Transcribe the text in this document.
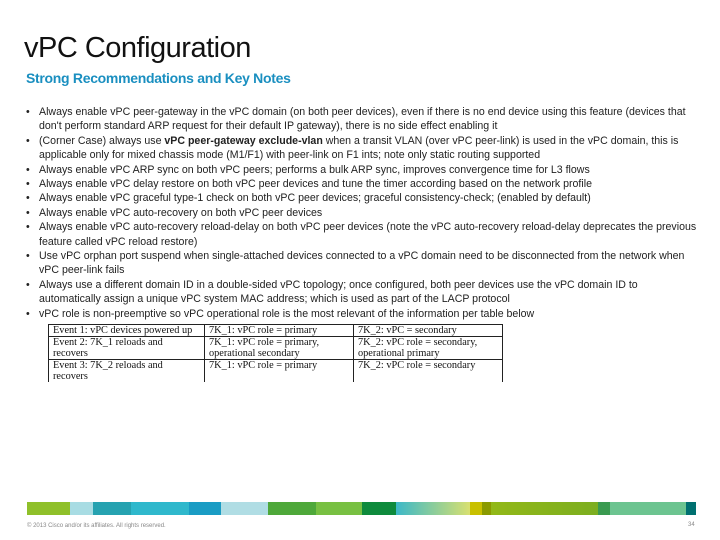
vPC Configuration
Strong Recommendations and Key Notes
• Always enable vPC peer-gateway in the vPC domain (on both peer devices), even if there is no end device using this feature (devices that don't perform standard ARP request for their default IP gateway), there is no side effect enabling it
• (Corner Case) always use vPC peer-gateway exclude-vlan when a transit VLAN (over vPC peer-link) is used in the vPC domain, this is applicable only for mixed chassis mode (M1/F1) with peer-link on F1 ints; note only static routing supported
• Always enable vPC ARP sync on both vPC peers; performs a bulk ARP sync, improves convergence time for L3 flows
• Always enable vPC delay restore on both vPC peer devices and tune the timer according based on the network profile
• Always enable vPC graceful type-1 check on both vPC peer devices; graceful consistency-check; (enabled by default)
• Always enable vPC auto-recovery on both vPC peer devices
• Always enable vPC auto-recovery reload-delay on both vPC peer devices (note the vPC auto-recovery reload-delay deprecates the previous feature called vPC reload restore)
• Use vPC orphan port suspend when single-attached devices connected to a vPC domain need to be disconnected from the network when vPC peer-link fails
• Always use a different domain ID in a double-sided vPC topology; once configured, both peer devices use the vPC domain ID to automatically assign a unique vPC system MAC address; which is used as part of the LACP protocol
• vPC role is non-preemptive so vPC operational role is the most relevant of the information per table below
Event 1: vPC devices powered up	7K_1: vPC role = primary	7K_2: vPC = secondary
Event 2: 7K_1 reloads and recovers	7K_1: vPC role = primary, operational secondary	7K_2: vPC role = secondary, operational primary
Event 3: 7K_2 reloads and recovers	7K_1: vPC role = primary	7K_2: vPC role = secondary
© 2013 Cisco and/or its affiliates. All rights reserved.	34
